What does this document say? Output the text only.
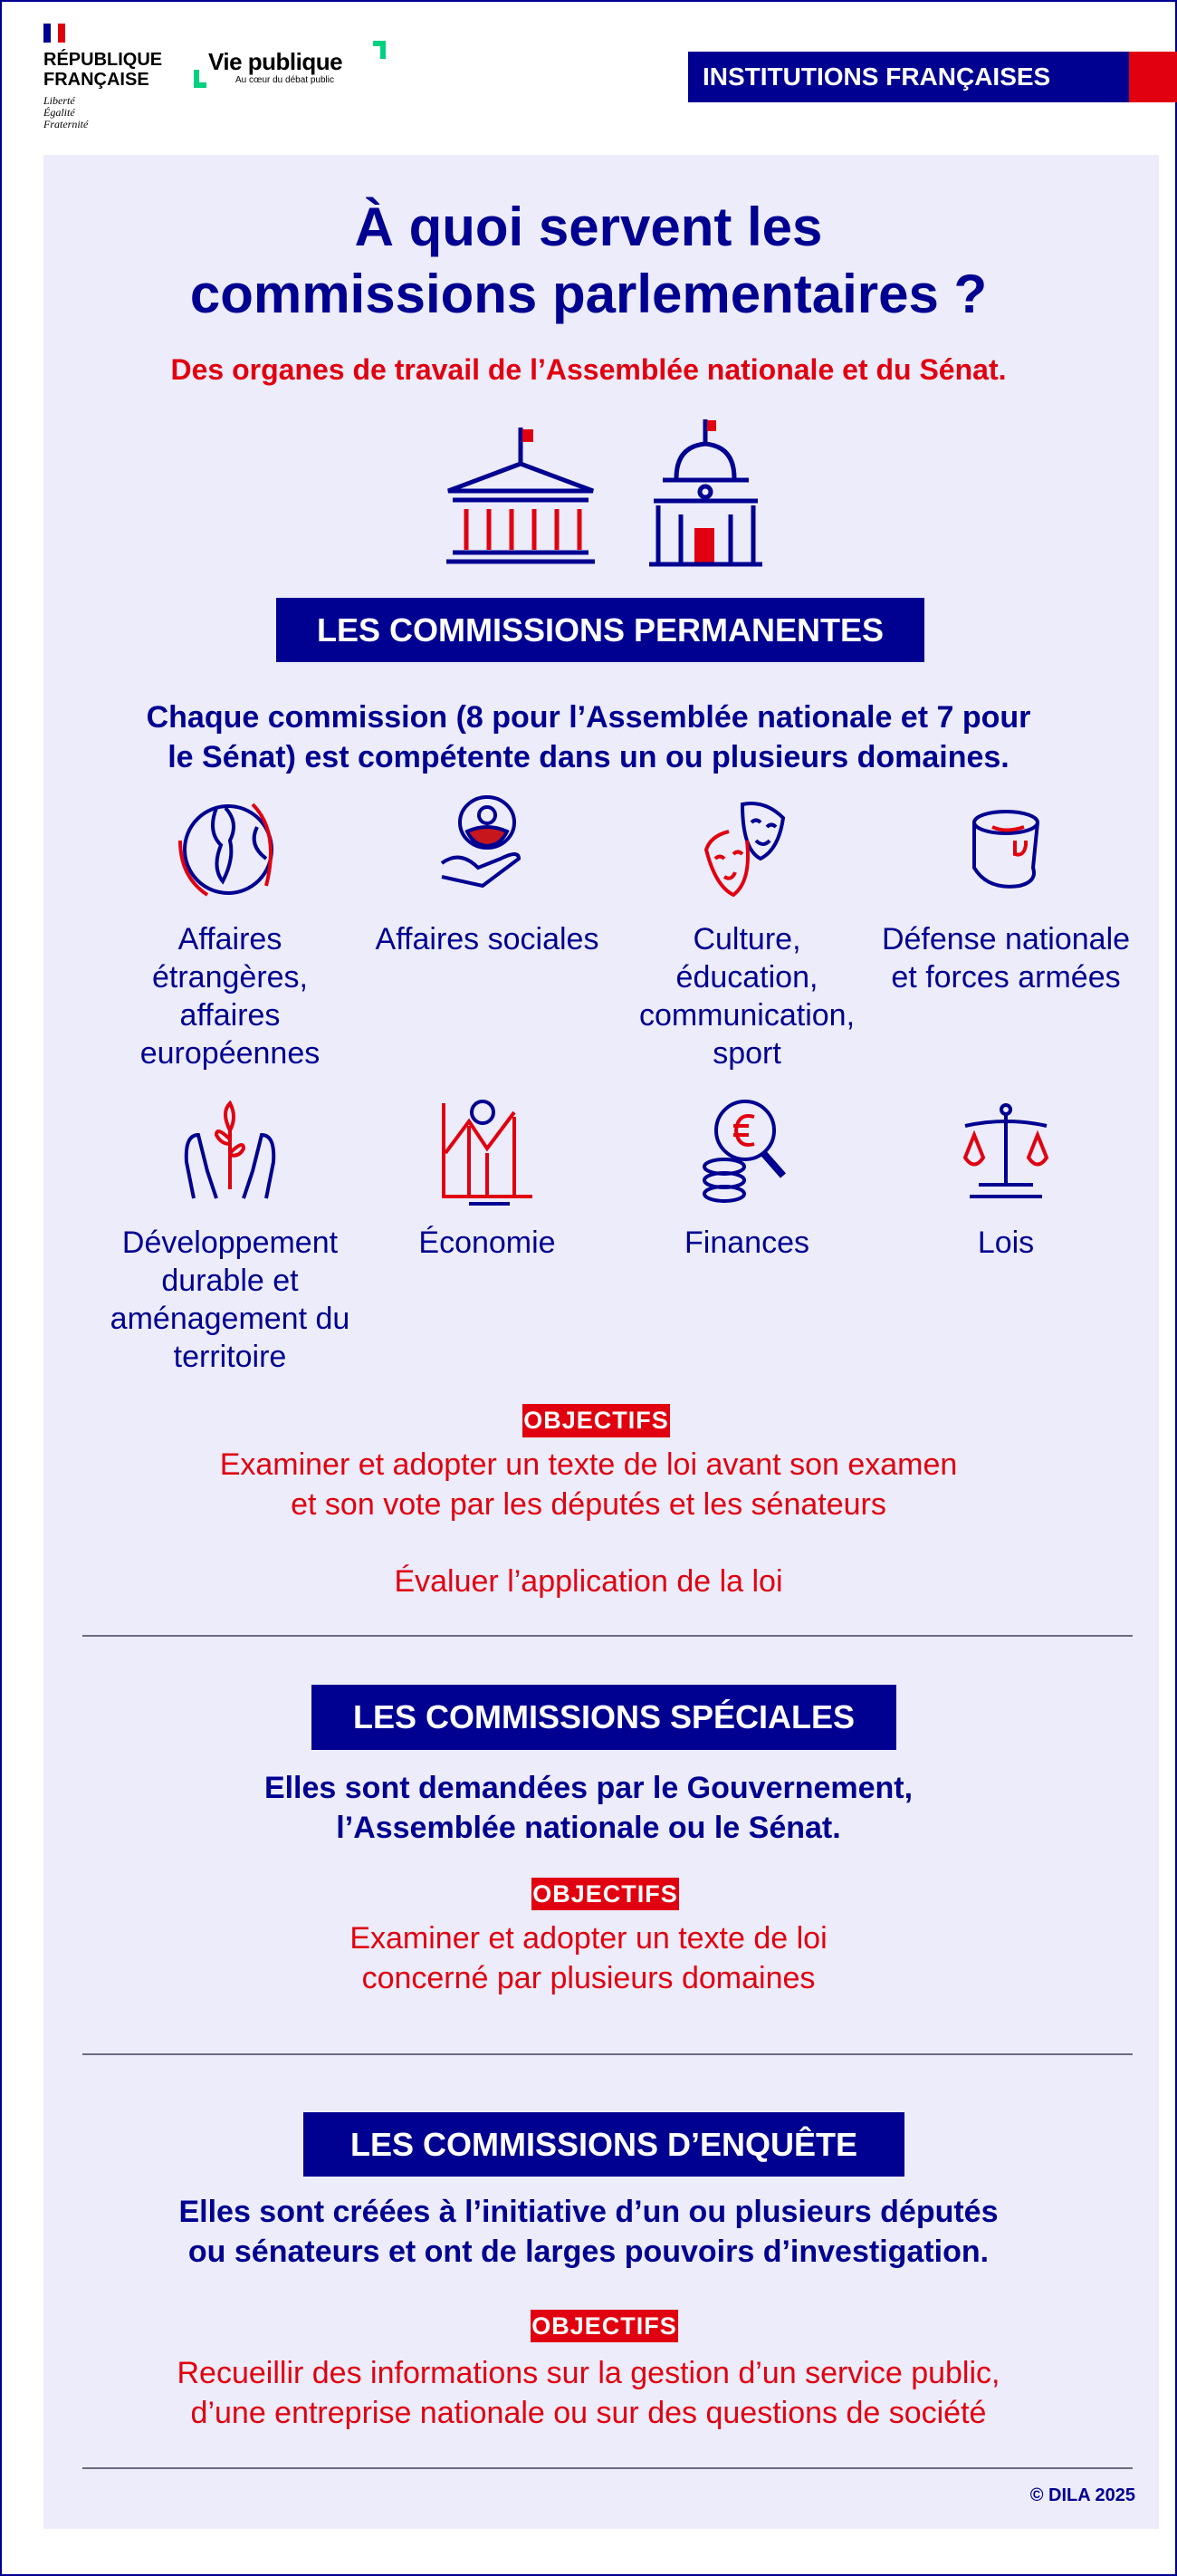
RÉPUBLIQUE
FRANÇAISE
Liberté
Égalité
Fraternité
Vie publique
Au cœur du débat public	INSTITUTIONS FRANÇAISES
À quoi servent les commissions parlementaires ?
Des organes de travail de l’Assemblée nationale et du Sénat.
LES COMMISSIONS PERMANENTES
Chaque commission (8 pour l’Assemblée nationale et 7 pour
le Sénat) est compétente dans un ou plusieurs domaines.
Affaires étrangères, affaires européennes
Affaires sociales	Culture, éducation, communication, sport
Défense nationale et forces armées
Développement durable et aménagement du territoire
Économie	Finances	Lois
OBJECTIFS
Examiner et adopter un texte de loi avant son examen
et son vote par les députés et les sénateurs
Évaluer l’application de la loi
LES COMMISSIONS SPÉCIALES
Elles sont demandées par le Gouvernement,
l’Assemblée nationale ou le Sénat.
OBJECTIFS
Examiner et adopter un texte de loi
concerné par plusieurs domaines
LES COMMISSIONS D’ENQUÊTE
Elles sont créées à l’initiative d’un ou plusieurs députés
ou sénateurs et ont de larges pouvoirs d’investigation.
OBJECTIFS
Recueillir des informations sur la gestion d’un service public,
d’une entreprise nationale ou sur des questions de société
© DILA 2025
